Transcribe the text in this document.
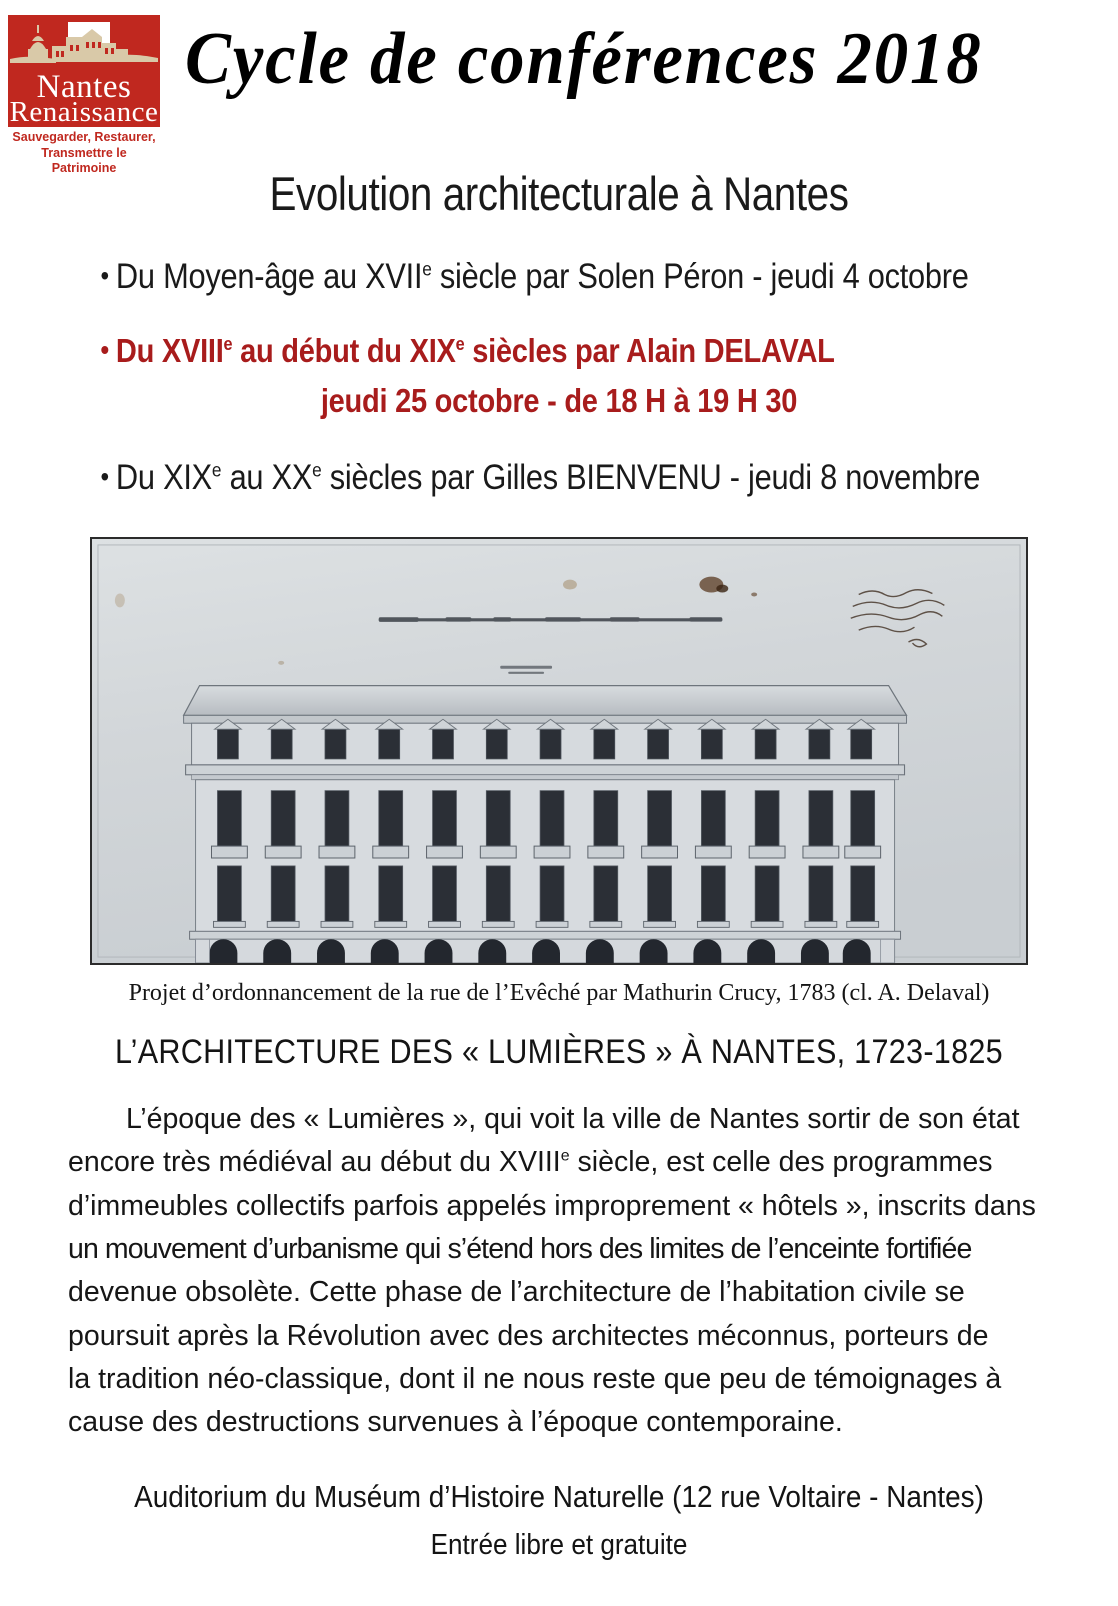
Nantes
Renaissance
Sauvegarder, Restaurer,
Transmettre le Patrimoine
Cycle de conférences 2018
Evolution architecturale à Nantes
• Du Moyen-âge au XVIIe siècle par Solen Péron - jeudi 4 octobre
• Du XVIIIe au début du XIXe siècles par Alain DELAVAL
jeudi 25 octobre - de 18 H à 19 H 30
• Du XIXe au XXe siècles par Gilles BIENVENU - jeudi 8 novembre
Projet d’ordonnancement de la rue de l’Evêché par Mathurin Crucy, 1783 (cl. A. Delaval)
L’ARCHITECTURE DES « LUMIÈRES » À NANTES, 1723-1825
L’époque des « Lumières », qui voit la ville de Nantes sortir de son état
encore très médiéval au début du XVIIIe siècle, est celle des programmes
d’immeubles collectifs parfois appelés improprement « hôtels », inscrits dans
un mouvement d’urbanisme qui s’étend hors des limites de l’enceinte fortifiée
devenue obsolète. Cette phase de l’architecture de l’habitation civile se
poursuit après la Révolution avec des architectes méconnus, porteurs de
la tradition néo-classique, dont il ne nous reste que peu de témoignages à
cause des destructions survenues à l’époque contemporaine.
Auditorium du Muséum d’Histoire Naturelle (12 rue Voltaire - Nantes)
Entrée libre et gratuite
